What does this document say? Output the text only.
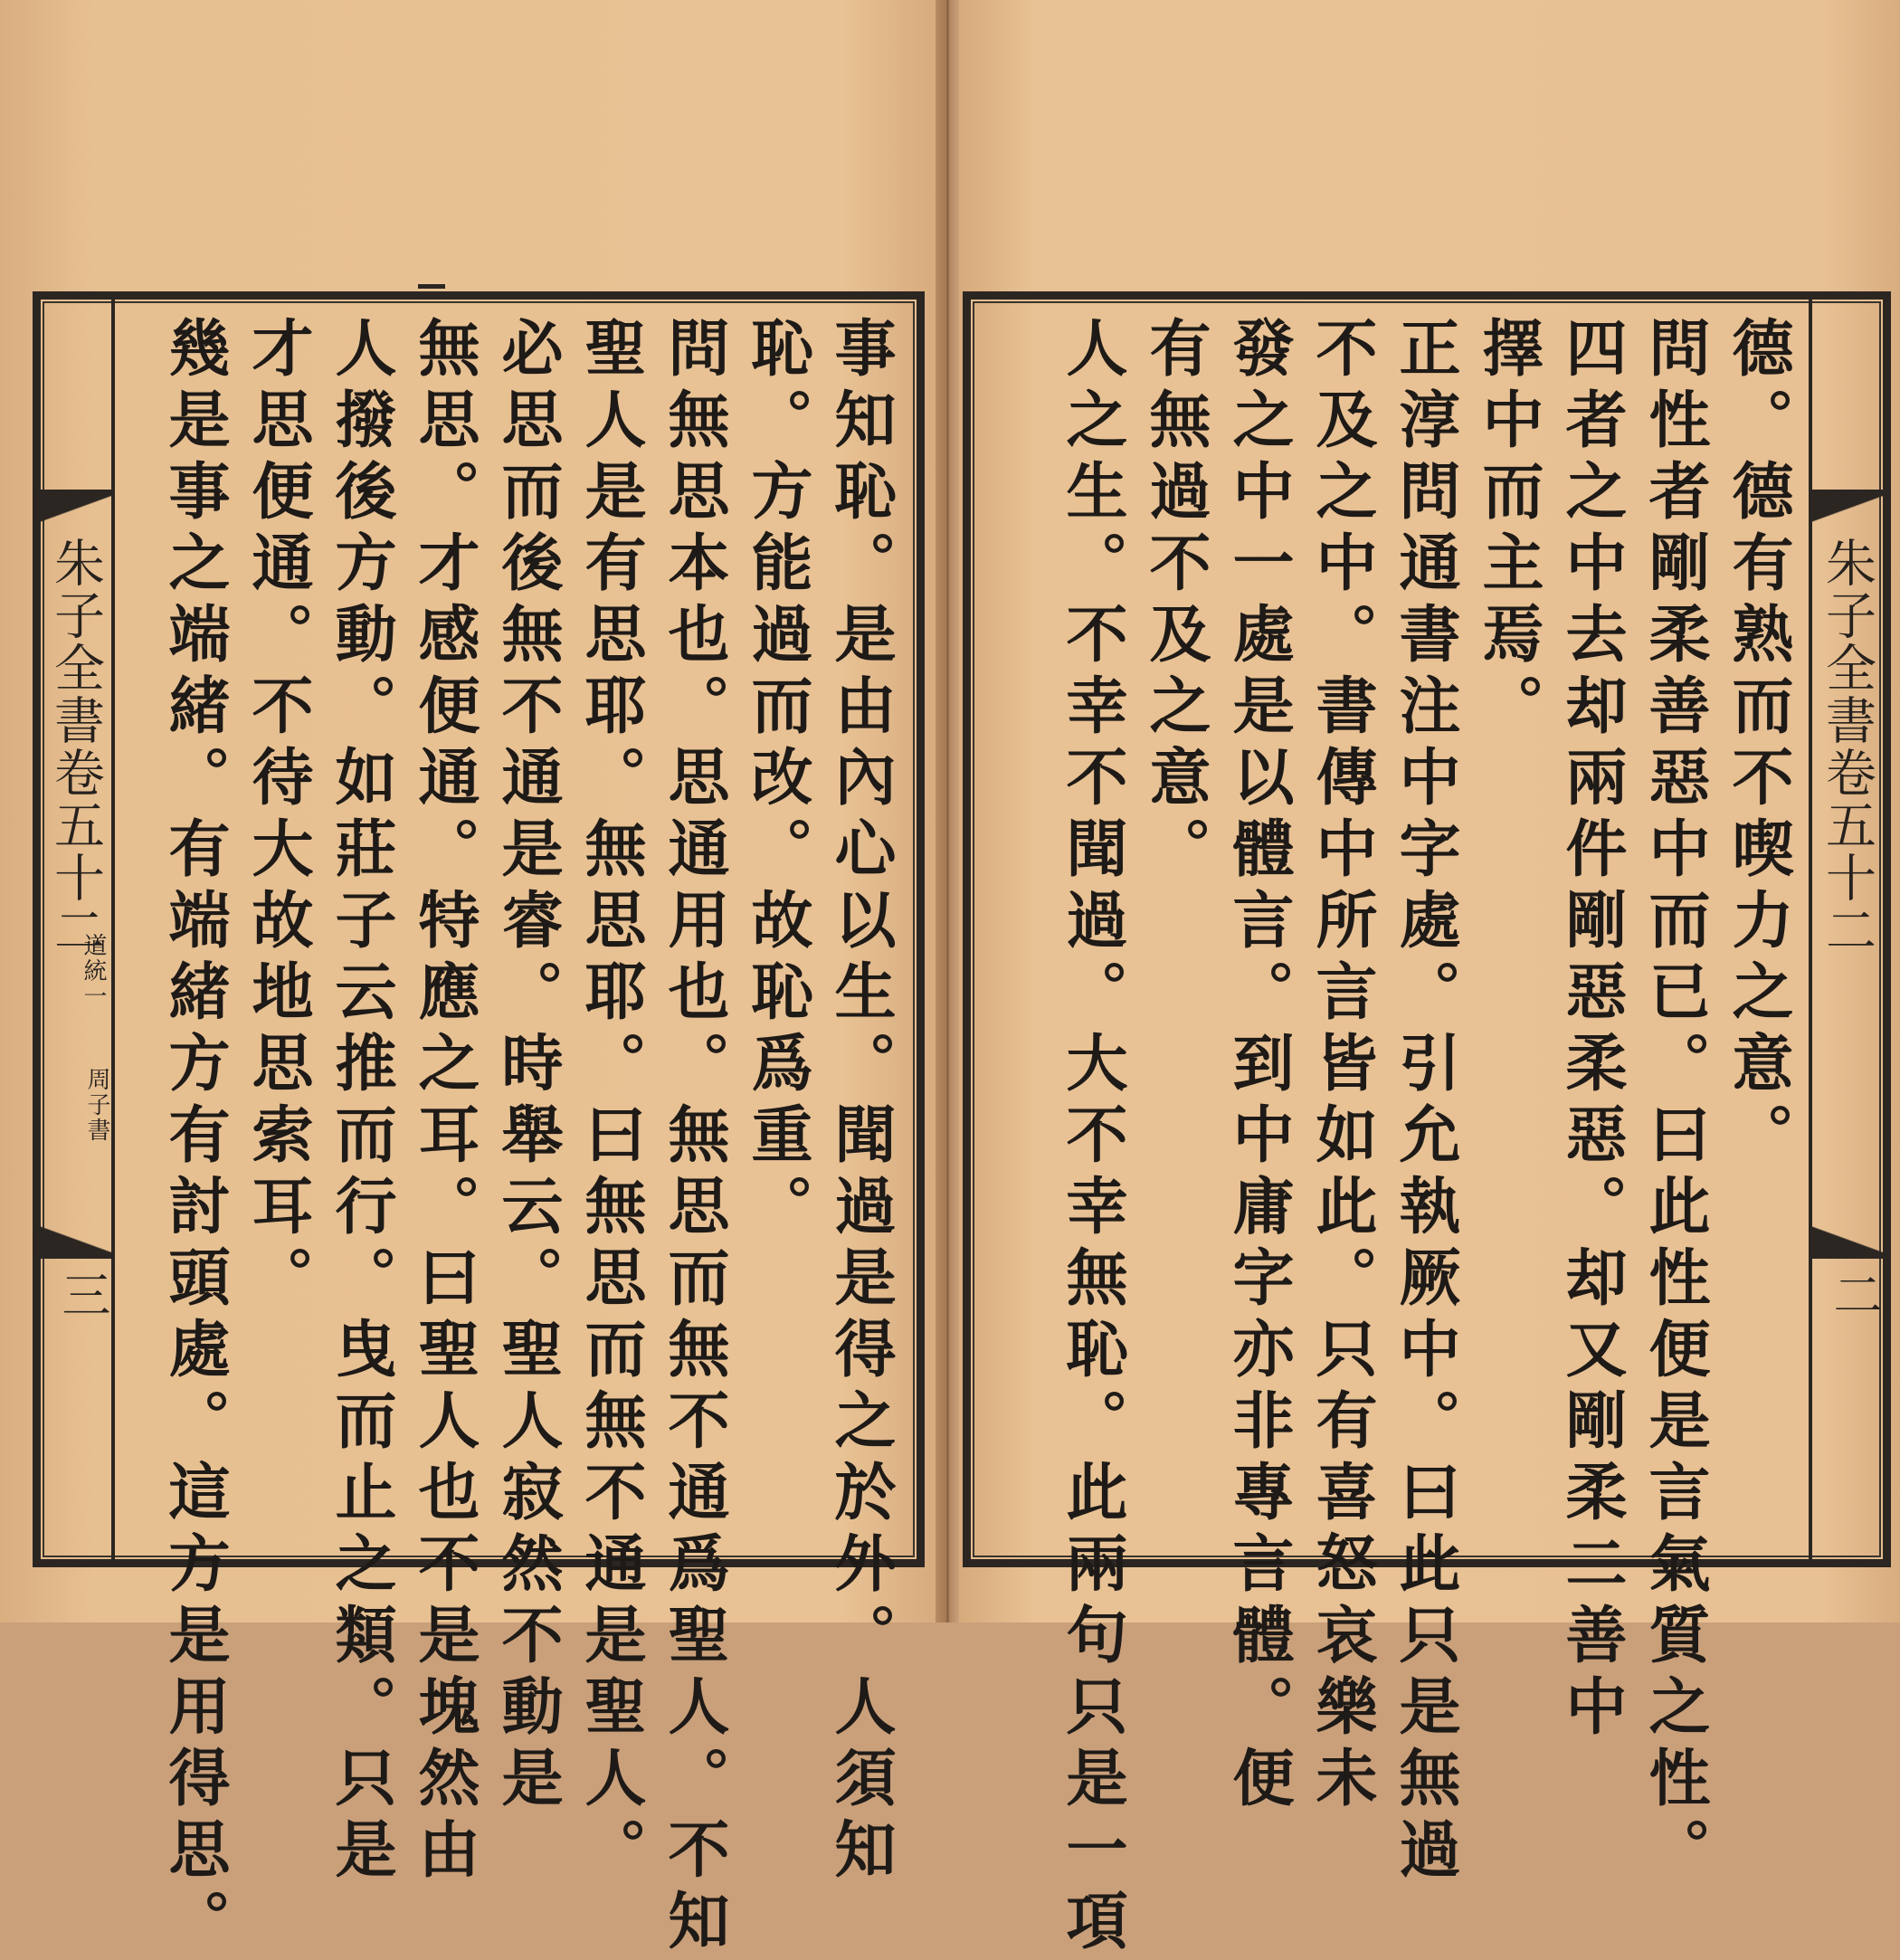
朱子全書卷五十二
道統一
周子書
三	事知恥。是由內心以生。聞過是得之於外。人須知
恥。方能過而改。故恥爲重。
問無思本也。思通用也。無思而無不通爲聖人。不知
聖人是有思耶。無思耶。曰無思而無不通是聖人。
必思而後無不通是睿。時舉云。聖人寂然不動是
無思。才感便通。特應之耳。曰聖人也不是塊然由
人撥後方動。如莊子云推而行。曳而止之類。只是
才思便通。不待大故地思索耳。
幾是事之端緒。有端緒方有討頭處。這方是用得思。	德。德有熟而不喫力之意。
問性者剛柔善惡中而已。曰此性便是言氣質之性。
四者之中去却兩件剛惡柔惡。却又剛柔二善中
擇中而主焉。
正淳問通書注中字處。引允執厥中。曰此只是無過
不及之中。書傳中所言皆如此。只有喜怒哀樂未
發之中一處是以體言。到中庸字亦非專言體。便
有無過不及之意。
人之生。不幸不聞過。大不幸無恥。此兩句只是一項	朱子全書卷五十二
二
